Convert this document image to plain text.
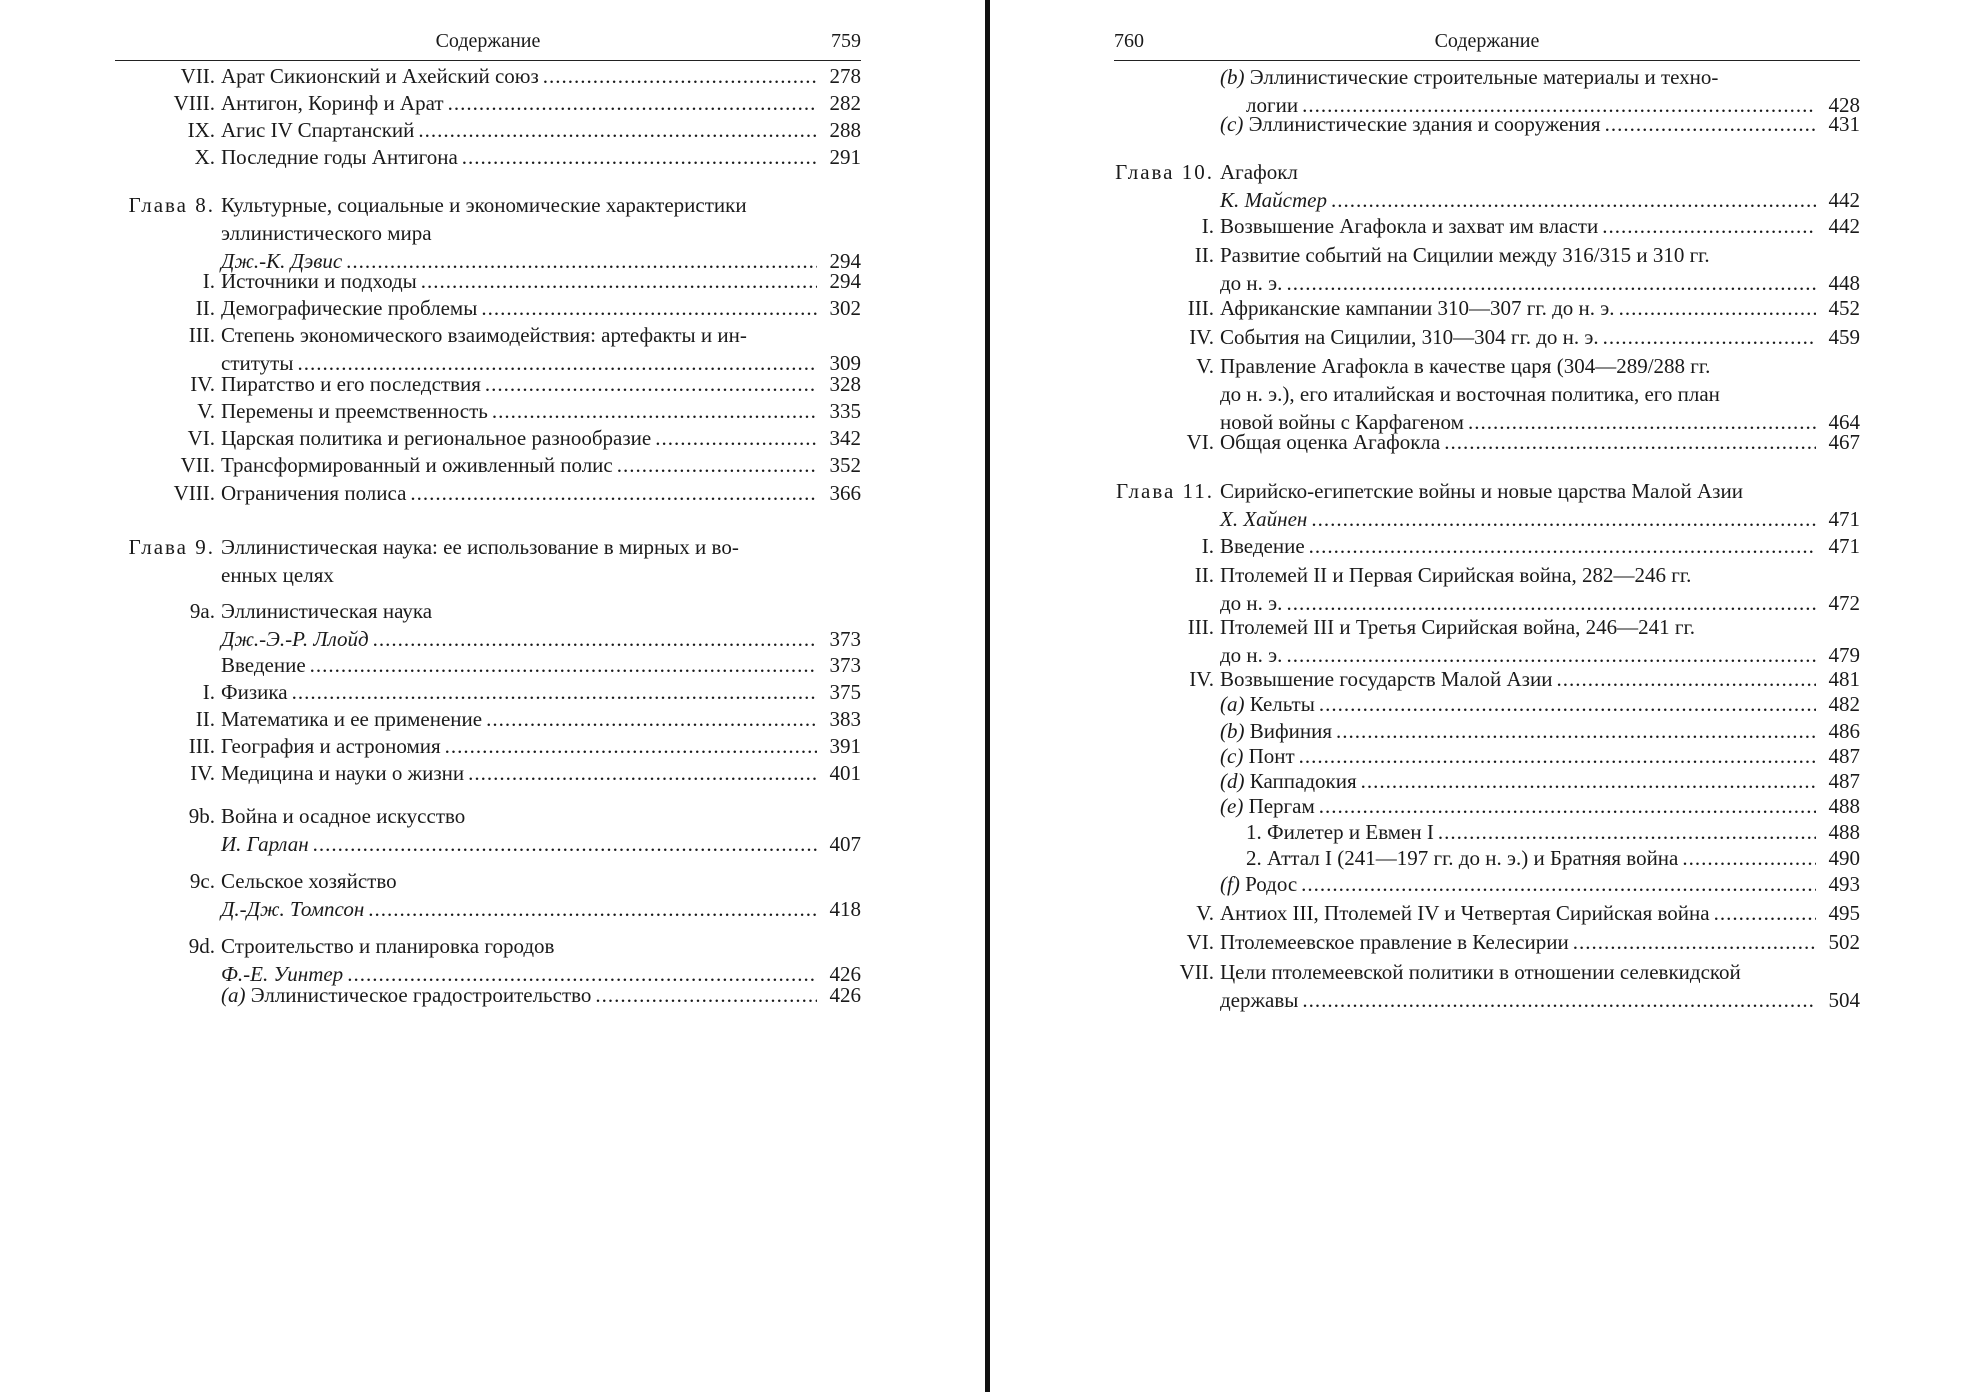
Содержание	759
VII. Арат Сикионский и Ахейский союз .....	278
VIII. Антигон, Коринф и Арат .....	282
IX. Агис IV Спартанский .....	288
X. Последние годы Антигона .....	291
Глава 8. Культурные, социальные и экономические характеристики
эллинистического мира
Дж.-К. Дэвис .....	294
I. Источники и подходы .....	294
II. Демографические проблемы .....	302
III. Степень экономического взаимодействия: артефакты и ин-
ституты .....	309
IV. Пиратство и его последствия .....	328
V. Перемены и преемственность .....	335
VI. Царская политика и региональное разнообразие .....	342
VII. Трансформированный и оживленный полис .....	352
VIII. Ограничения полиса .....	366
Глава 9. Эллинистическая наука: ее использование в мирных и во-
енных целях
9a. Эллинистическая наука
Дж.-Э.-Р. Ллойд .....	373
Введение .....	373
I. Физика .....	375
II. Математика и ее применение .....	383
III. География и астрономия .....	391
IV. Медицина и науки о жизни .....	401
9b. Война и осадное искусство
И. Гарлан .....	407
9c. Сельское хозяйство
Д.-Дж. Томпсон .....	418
9d. Строительство и планировка городов
Ф.-Е. Уинтер .....	426
(a) Эллинистическое градостроительство .....	426
760	Содержание
(b) Эллинистические строительные материалы и техно-
логии .....	428
(c) Эллинистические здания и сооружения .....	431
Глава 10. Агафокл
К. Майстер .....	442
I. Возвышение Агафокла и захват им власти .....	442
II. Развитие событий на Сицилии между 316/315 и 310 гг.
до н. э. .....	448
III. Африканские кампании 310—307 гг. до н. э. .....	452
IV. События на Сицилии, 310—304 гг. до н. э. .....	459
V. Правление Агафокла в качестве царя (304—289/288 гг.
до н. э.), его италийская и восточная политика, его план
новой войны с Карфагеном .....	464
VI. Общая оценка Агафокла .....	467
Глава 11. Сирийско-египетские войны и новые царства Малой Азии
Х. Хайнен .....	471
I. Введение .....	471
II. Птолемей II и Первая Сирийская война, 282—246 гг.
до н. э. .....	472
III. Птолемей III и Третья Сирийская война, 246—241 гг.
до н. э. .....	479
IV. Возвышение государств Малой Азии .....	481
(a) Кельты .....	482
(b) Вифиния .....	486
(c) Понт .....	487
(d) Каппадокия .....	487
(e) Пергам .....	488
1. Филетер и Евмен I .....	488
2. Аттал I (241—197 гг. до н. э.) и Братняя война .....	490
(f) Родос .....	493
V. Антиох III, Птолемей IV и Четвертая Сирийская война .....	495
VI. Птолемеевское правление в Келесирии .....	502
VII. Цели птолемеевской политики в отношении селевкидской
державы .....	504
